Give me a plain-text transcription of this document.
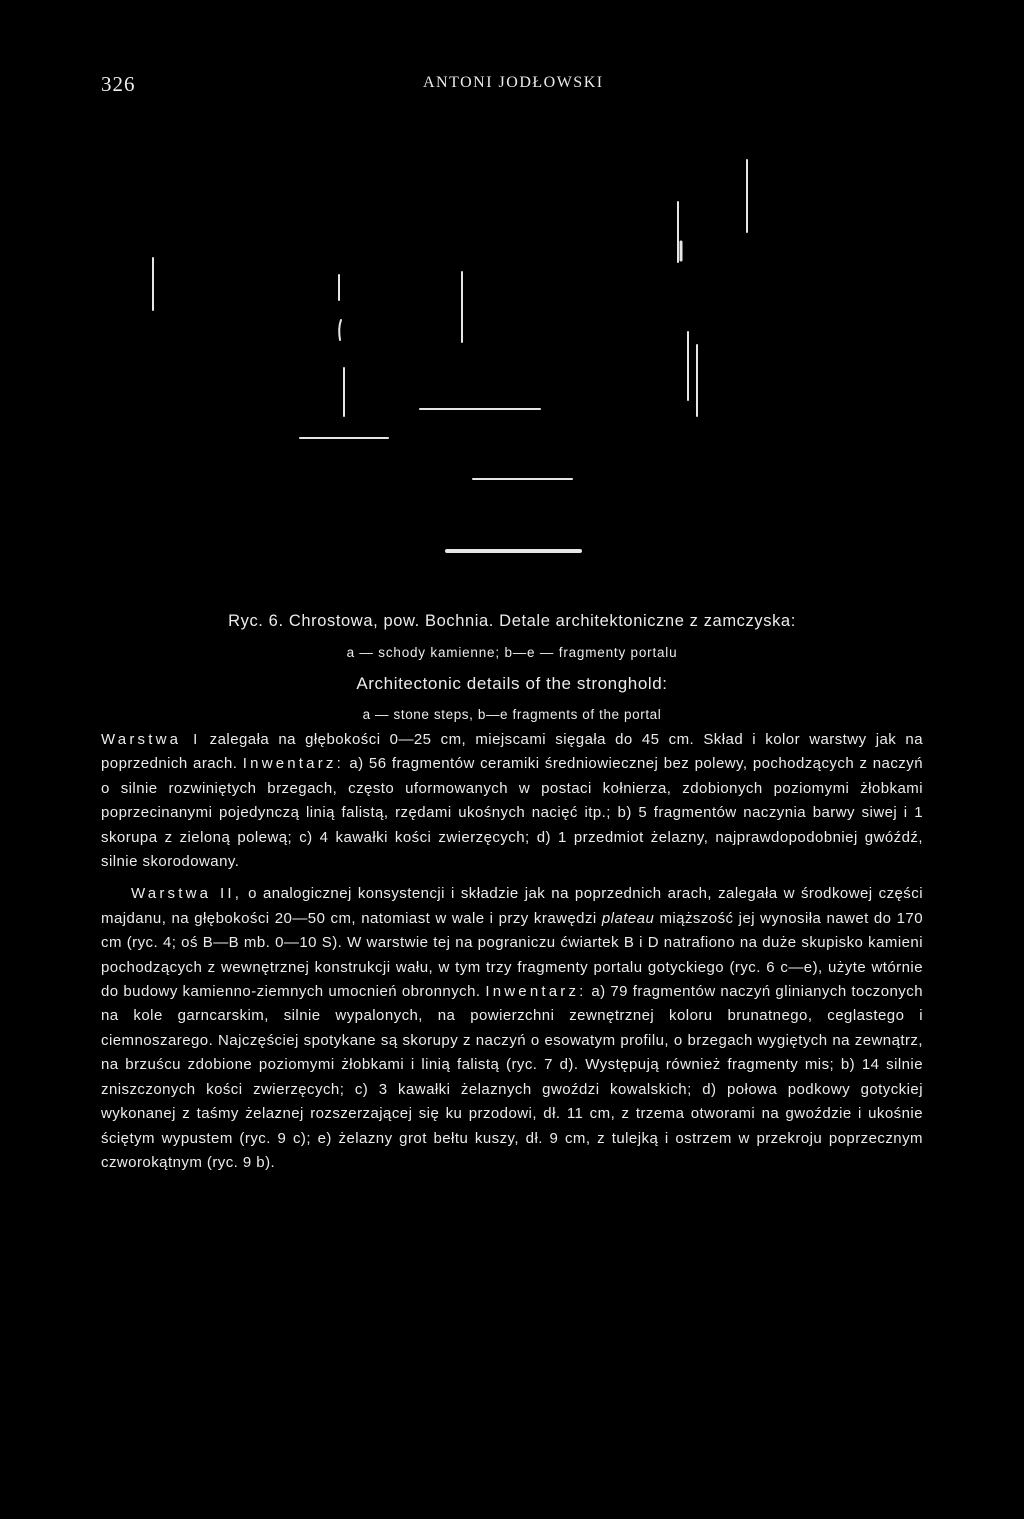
326	ANTONI JODŁOWSKI
Ryc. 6. Chrostowa, pow. Bochnia. Detale architektoniczne z zamczyska:
a — schody kamienne; b—e — fragmenty portalu
Architectonic details of the stronghold:
a — stone steps, b—e fragments of the portal

Warstwa I zalegała na głębokości 0—25 cm, miejscami sięgała do 45 cm. Skład i kolor warstwy jak na poprzednich arach. Inwentarz: a) 56 fragmentów ceramiki średniowiecznej bez polewy, pochodzących z naczyń o silnie rozwiniętych brzegach, często uformowanych w postaci kołnierza, zdobionych poziomymi żłobkami poprzecinanymi pojedynczą linią falistą, rzędami ukośnych nacięć itp.; b) 5 fragmentów naczynia barwy siwej i 1 skorupa z zieloną polewą; c) 4 kawałki kości zwierzęcych; d) 1 przedmiot żelazny, najprawdopodobniej gwóźdź, silnie skorodowany.

Warstwa II, o analogicznej konsystencji i składzie jak na poprzednich arach, zalegała w środkowej części majdanu, na głębokości 20—50 cm, natomiast w wale i przy krawędzi plateau miąższość jej wynosiła nawet do 170 cm (ryc. 4; oś B—B mb. 0—10 S). W warstwie tej na pograniczu ćwiartek B i D natrafiono na duże skupisko kamieni pochodzących z wewnętrznej konstrukcji wału, w tym trzy fragmenty portalu gotyckiego (ryc. 6 c—e), użyte wtórnie do budowy kamienno-ziemnych umocnień obronnych. Inwentarz: a) 79 fragmentów naczyń glinianych toczonych na kole garncarskim, silnie wypalonych, na powierzchni zewnętrznej koloru brunatnego, ceglastego i ciemnoszarego. Najczęściej spotykane są skorupy z naczyń o esowatym profilu, o brzegach wygiętych na zewnątrz, na brzuścu zdobione poziomymi żłobkami i linią falistą (ryc. 7 d). Występują również fragmenty mis; b) 14 silnie zniszczonych kości zwierzęcych; c) 3 kawałki żelaznych gwoździ kowalskich; d) połowa podkowy gotyckiej wykonanej z taśmy żelaznej rozszerzającej się ku przodowi, dł. 11 cm, z trzema otworami na gwoździe i ukośnie ściętym wypustem (ryc. 9 c); e) żelazny grot bełtu kuszy, dł. 9 cm, z tulejką i ostrzem w przekroju poprzecznym czworokątnym (ryc. 9 b).
